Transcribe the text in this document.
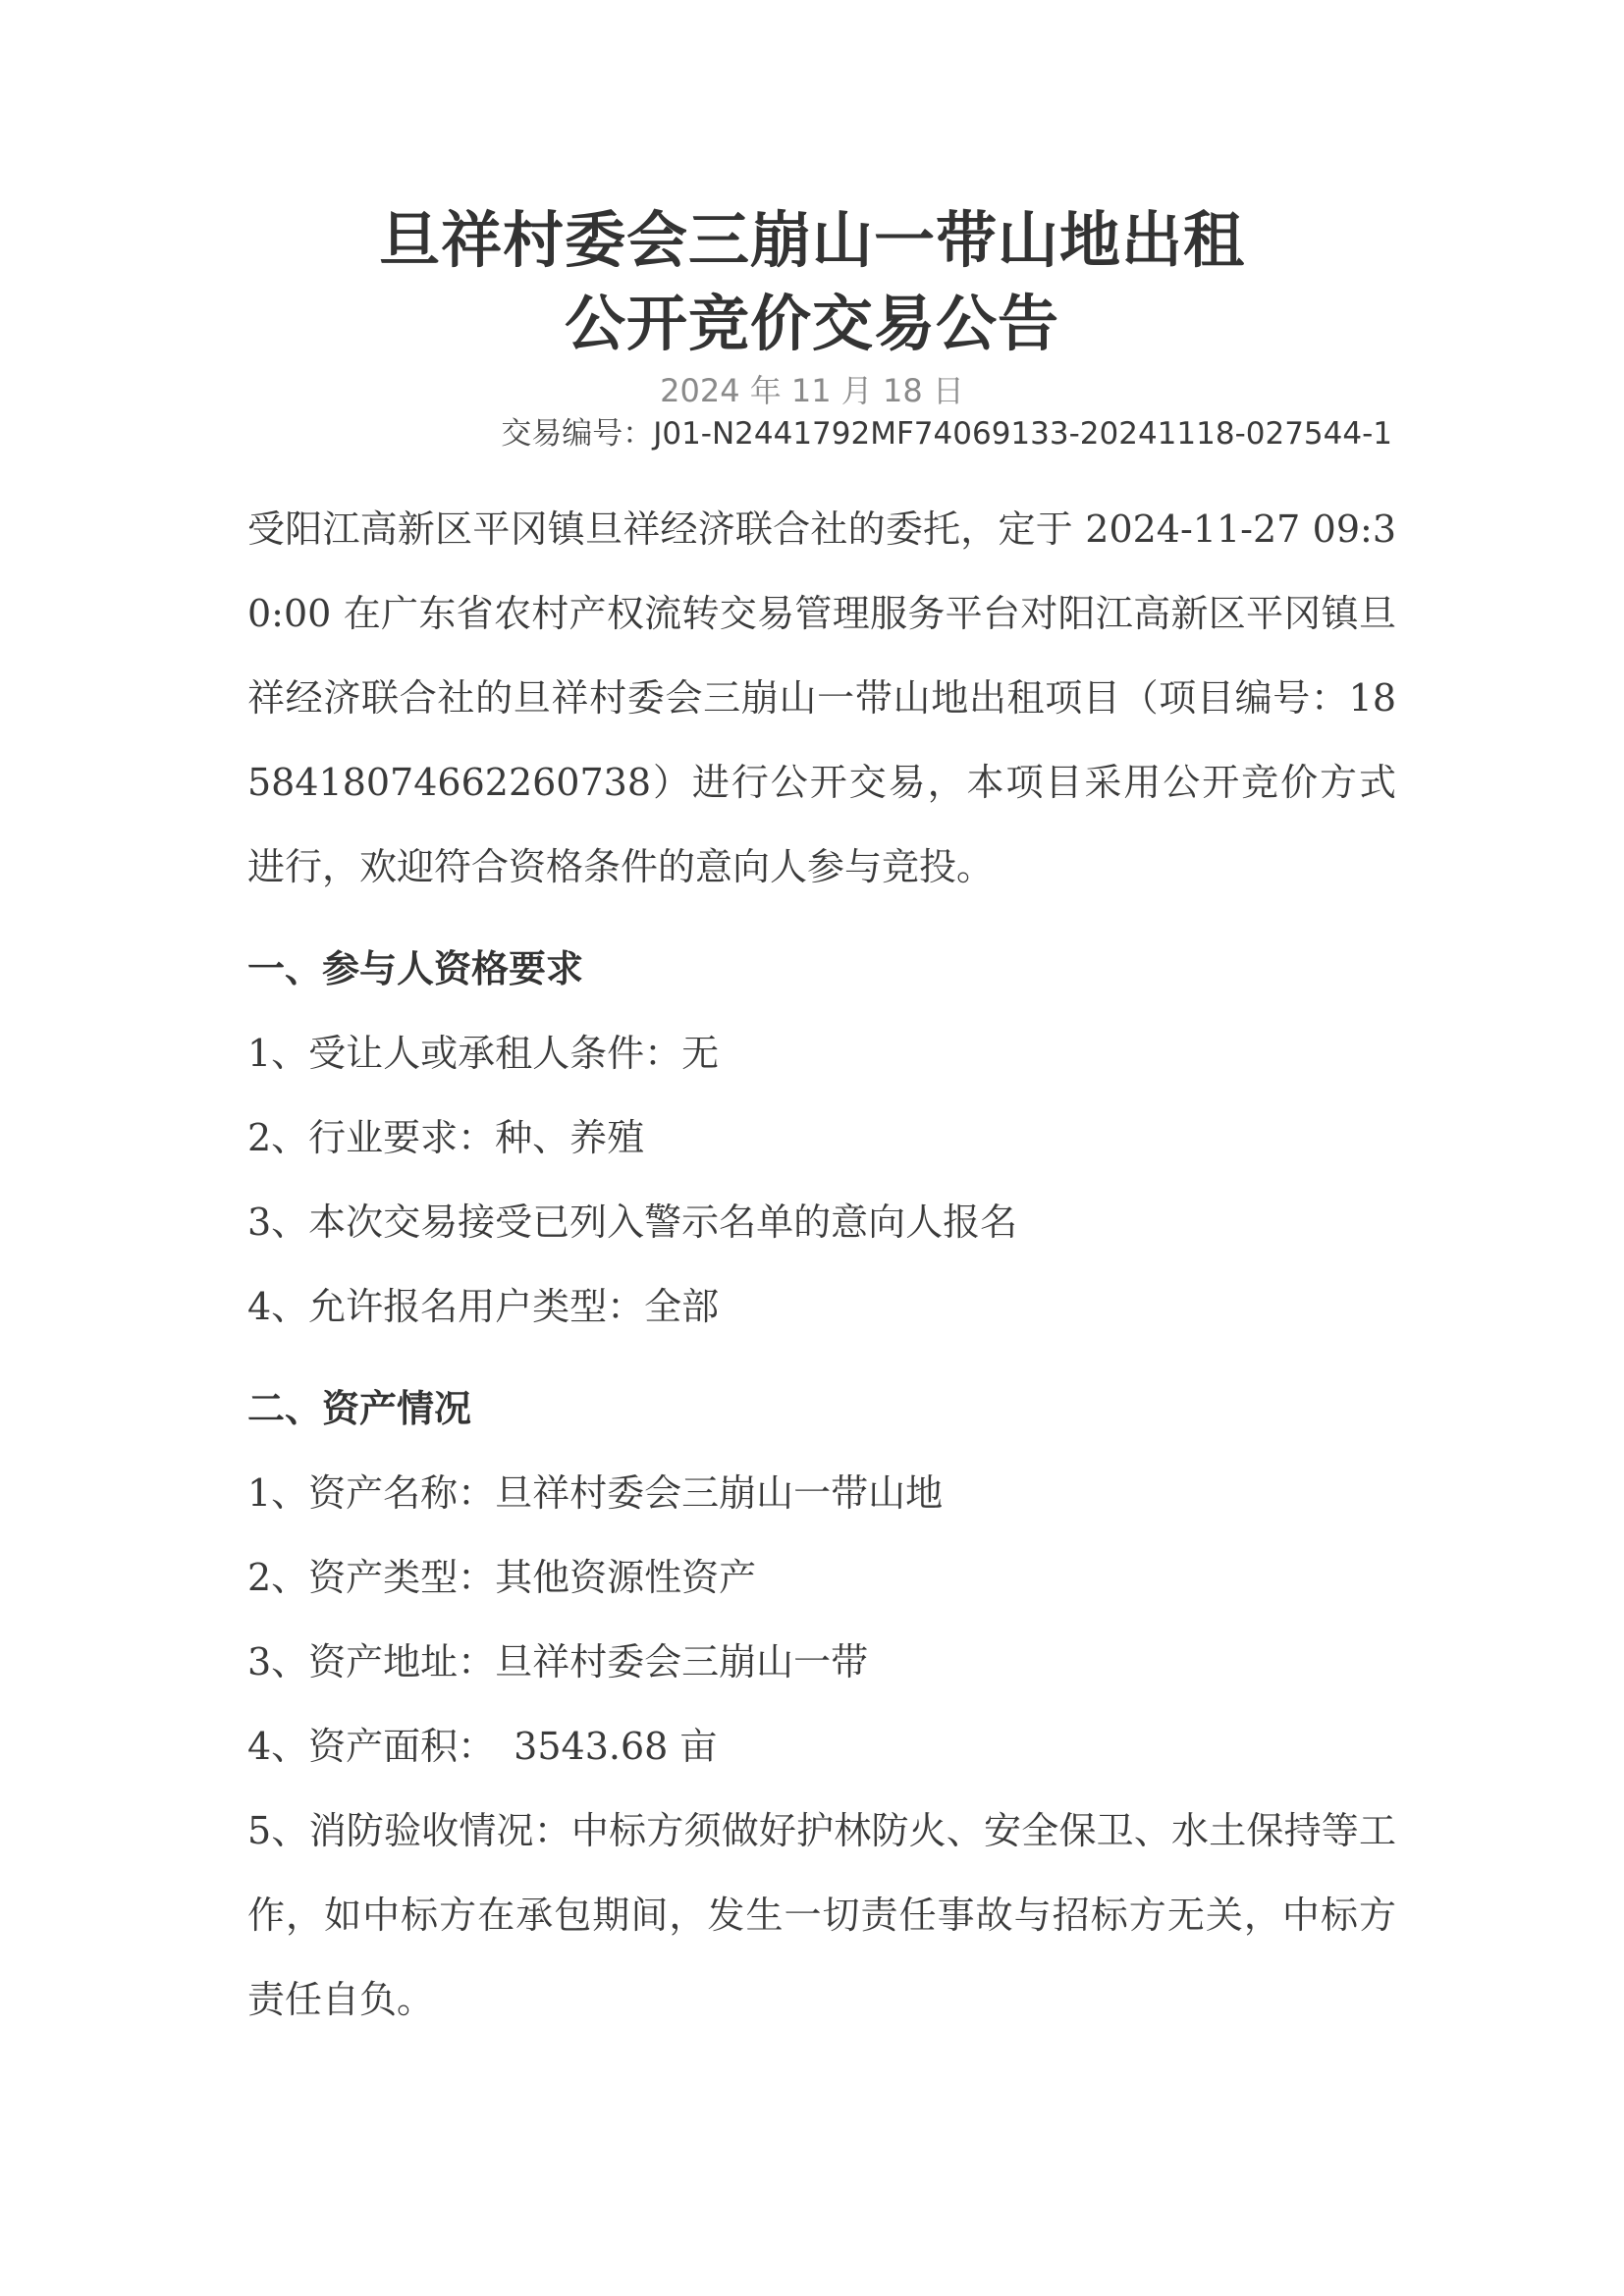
旦祥村委会三崩山一带山地出租
公开竞价交易公告
2024 年 11 月 18 日
交易编号：J01-N2441792MF74069133-20241118-027544-1

受阳江高新区平冈镇旦祥经济联合社的委托，定于 2024-11-27 09:30:00 在广东省农村产权流转交易管理服务平台对阳江高新区平冈镇旦祥经济联合社的旦祥村委会三崩山一带山地出租项目（项目编号：1858418074662260738）进行公开交易，本项目采用公开竞价方式进行，欢迎符合资格条件的意向人参与竞投。

一、参与人资格要求

1、受让人或承租人条件：无

2、行业要求：种、养殖

3、本次交易接受已列入警示名单的意向人报名

4、允许报名用户类型：全部

二、资产情况

1、资产名称：旦祥村委会三崩山一带山地

2、资产类型：其他资源性资产

3、资产地址：旦祥村委会三崩山一带

4、资产面积：　3543.68 亩

5、消防验收情况：中标方须做好护林防火、安全保卫、水土保持等工作，如中标方在承包期间，发生一切责任事故与招标方无关，中标方责任自负。
